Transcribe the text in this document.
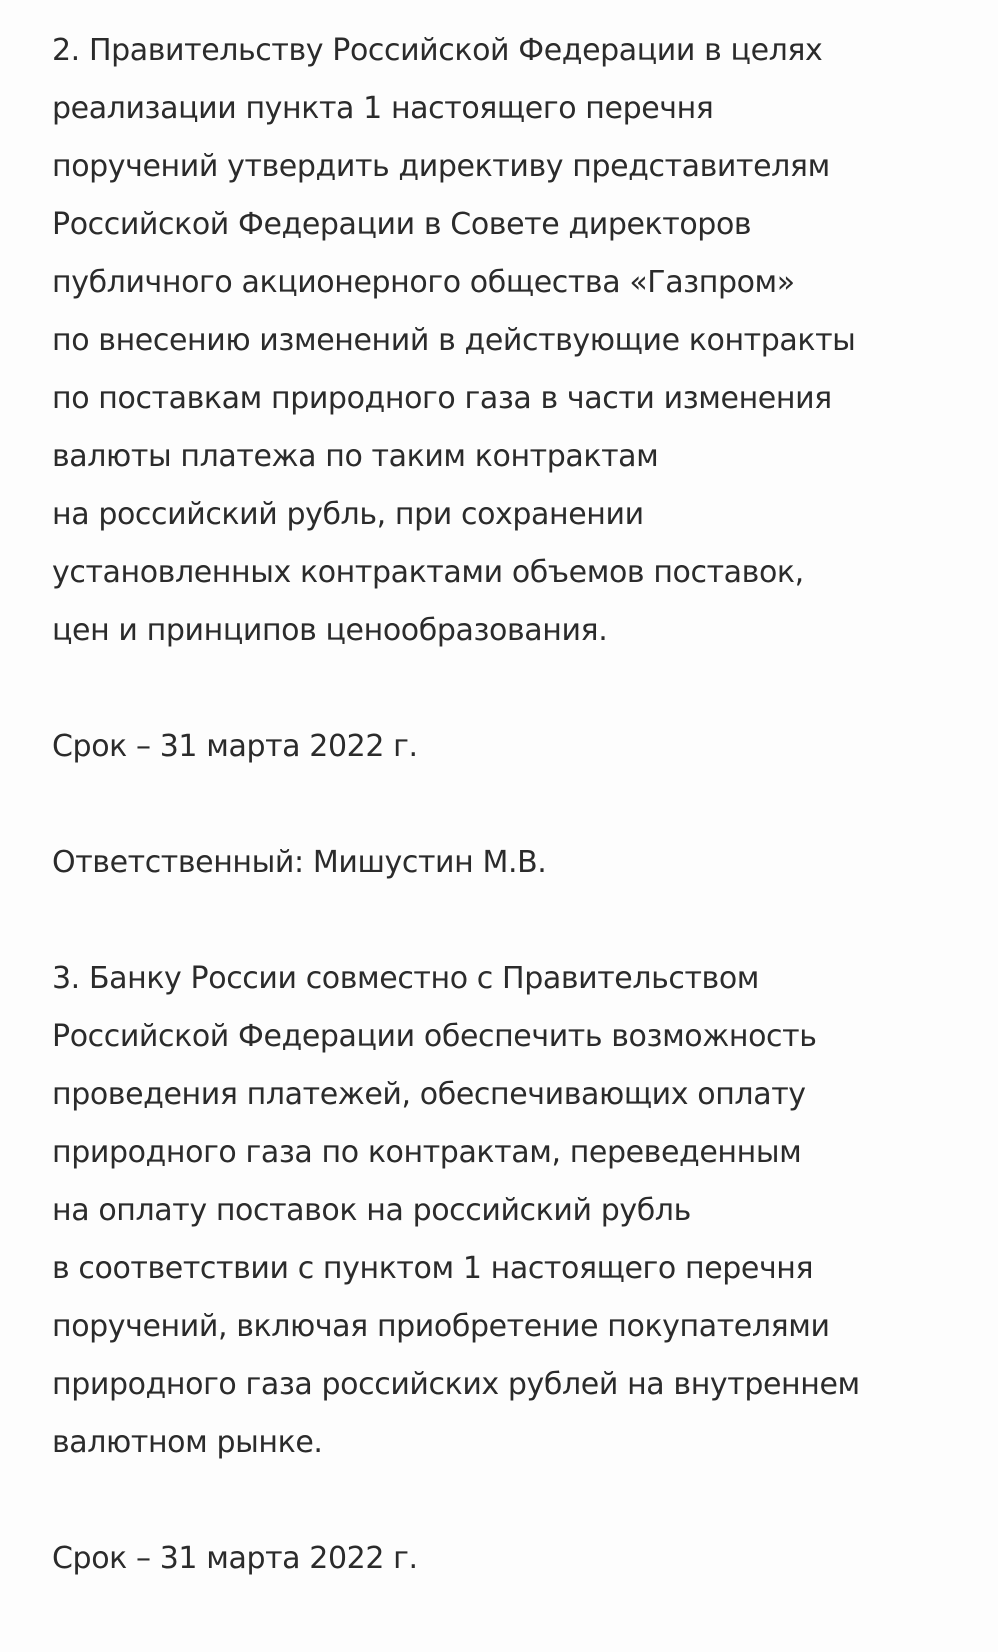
2. Правительству Российской Федерации в целях
реализации пункта 1 настоящего перечня
поручений утвердить директиву представителям
Российской Федерации в Совете директоров
публичного акционерного общества «Газпром»
по внесению изменений в действующие контракты
по поставкам природного газа в части изменения
валюты платежа по таким контрактам
на российский рубль, при сохранении
установленных контрактами объемов поставок,
цен и принципов ценообразования.
Срок – 31 марта 2022 г.
Ответственный: Мишустин М.В.
3. Банку России совместно с Правительством
Российской Федерации обеспечить возможность
проведения платежей, обеспечивающих оплату
природного газа по контрактам, переведенным
на оплату поставок на российский рубль
в соответствии с пунктом 1 настоящего перечня
поручений, включая приобретение покупателями
природного газа российских рублей на внутреннем
валютном рынке.
Срок – 31 марта 2022 г.
